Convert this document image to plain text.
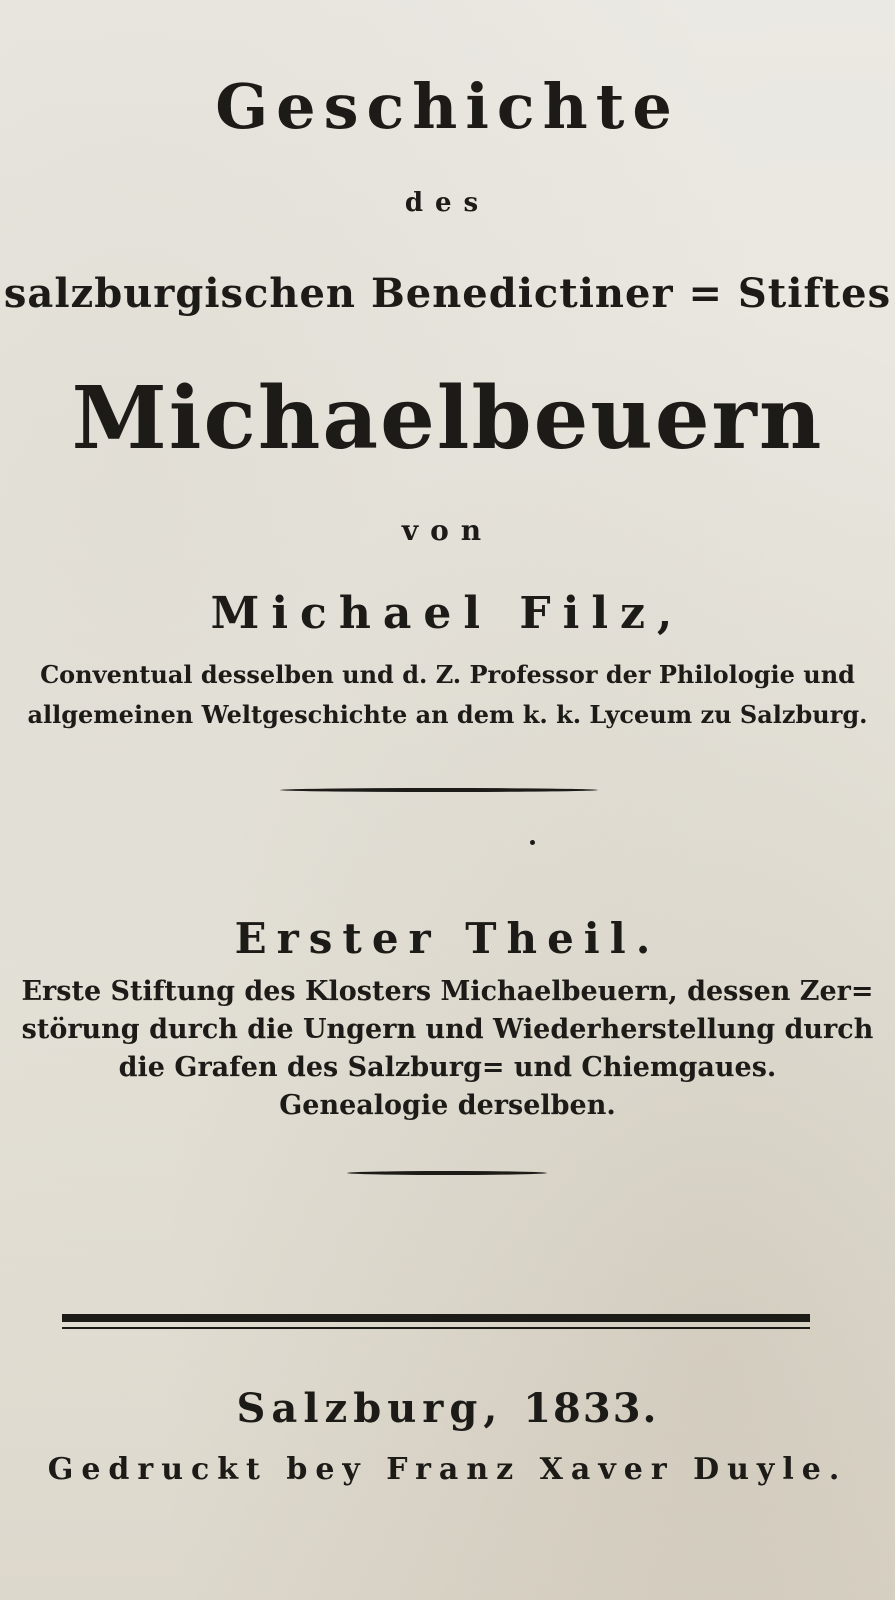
Geschichte
des
salzburgischen Benedictiner = Stiftes
Michaelbeuern
von
Michael Filz,
Conventual desselben und d. Z. Professor der Philologie und
allgemeinen Weltgeschichte an dem k. k. Lyceum zu Salzburg.
Erster Theil.
Erste Stiftung des Klosters Michaelbeuern, dessen Zer=
störung durch die Ungern und Wiederherstellung durch
die Grafen des Salzburg= und Chiemgaues.
Genealogie derselben.
Salzburg, 1833.
Gedruckt bey Franz Xaver Duyle.
